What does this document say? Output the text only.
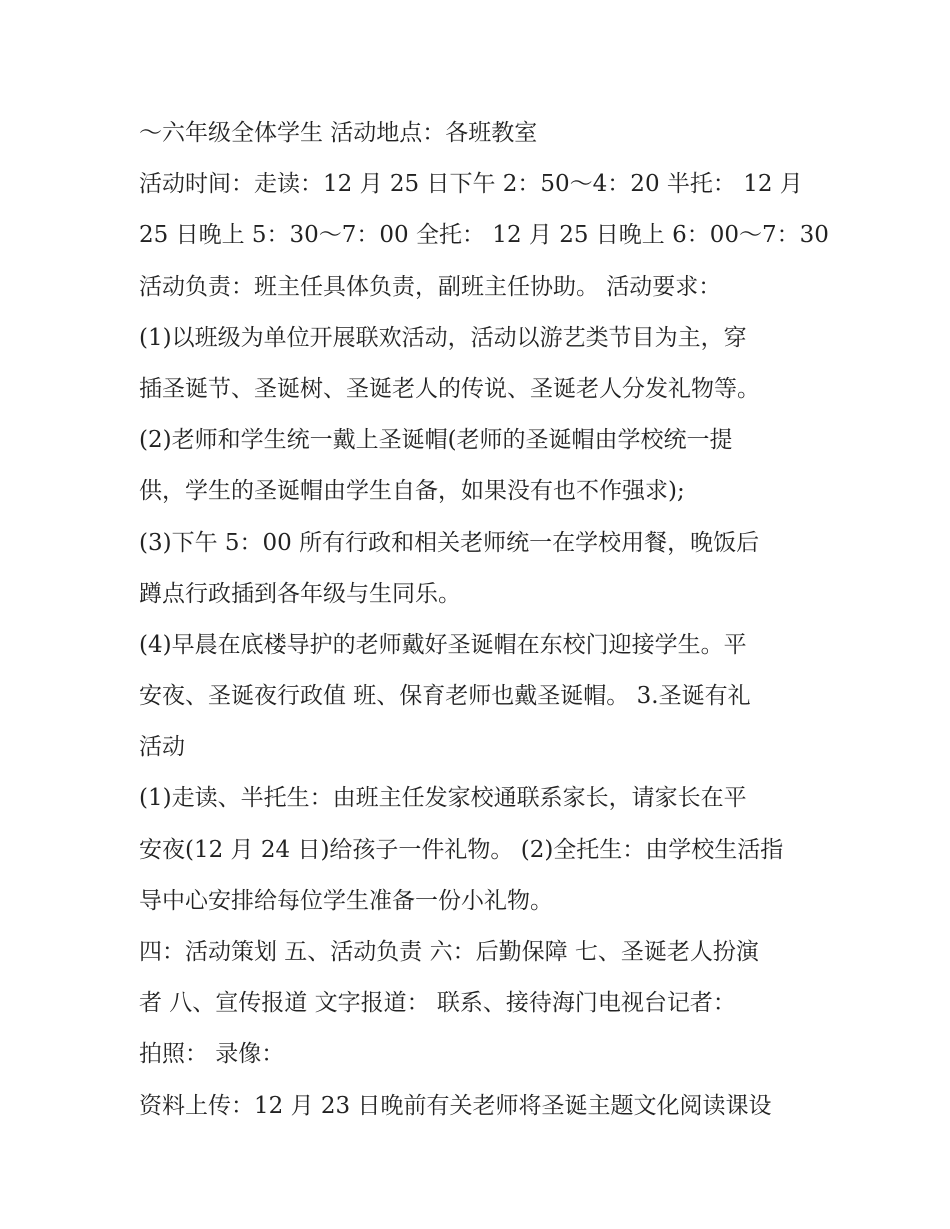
～六年级全体学生 活动地点：各班教室
活动时间：走读：12 月 25 日下午 2：50～4：20 半托： 12 月
25 日晚上 5：30～7：00 全托： 12 月 25 日晚上 6：00～7：30
活动负责：班主任具体负责，副班主任协助。 活动要求：
(1)以班级为单位开展联欢活动，活动以游艺类节目为主，穿
插圣诞节、圣诞树、圣诞老人的传说、圣诞老人分发礼物等。
(2)老师和学生统一戴上圣诞帽(老师的圣诞帽由学校统一提
供，学生的圣诞帽由学生自备，如果没有也不作强求);
(3)下午 5：00 所有行政和相关老师统一在学校用餐，晚饭后
蹲点行政插到各年级与生同乐。
(4)早晨在底楼导护的老师戴好圣诞帽在东校门迎接学生。平
安夜、圣诞夜行政值 班、保育老师也戴圣诞帽。 3.圣诞有礼
活动
(1)走读、半托生：由班主任发家校通联系家长，请家长在平
安夜(12 月 24 日)给孩子一件礼物。 (2)全托生：由学校生活指
导中心安排给每位学生准备一份小礼物。
四：活动策划 五、活动负责 六：后勤保障 七、圣诞老人扮演
者 八、宣传报道 文字报道： 联系、接待海门电视台记者：
拍照： 录像：
资料上传：12 月 23 日晚前有关老师将圣诞主题文化阅读课设
